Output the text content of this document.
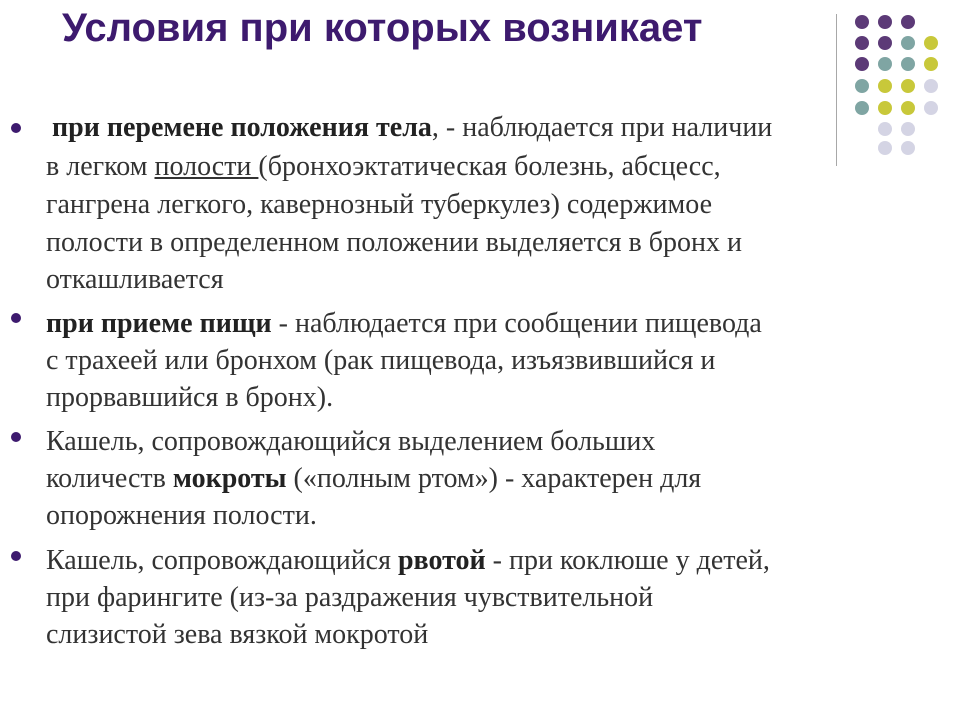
Условия при которых возникает
при перемене положения тела, - наблюдается при наличии
в легком полости (бронхоэктатическая болезнь, абсцесс,
гангрена легкого, кавернозный туберкулез) содержимое
полости в определенном положении выделяется в бронх и
откашливается
при приеме пищи - наблюдается при сообщении пищевода
с трахеей или бронхом (рак пищевода, изъязвившийся и
прорвавшийся в бронх).
Кашель, сопровождающийся выделением больших
количеств мокроты («полным ртом») - характерен для
опорожнения полости.
Кашель, сопровождающийся рвотой - при коклюше у детей,
при фарингите (из-за раздражения чувствительной
слизистой зева вязкой мокротой
